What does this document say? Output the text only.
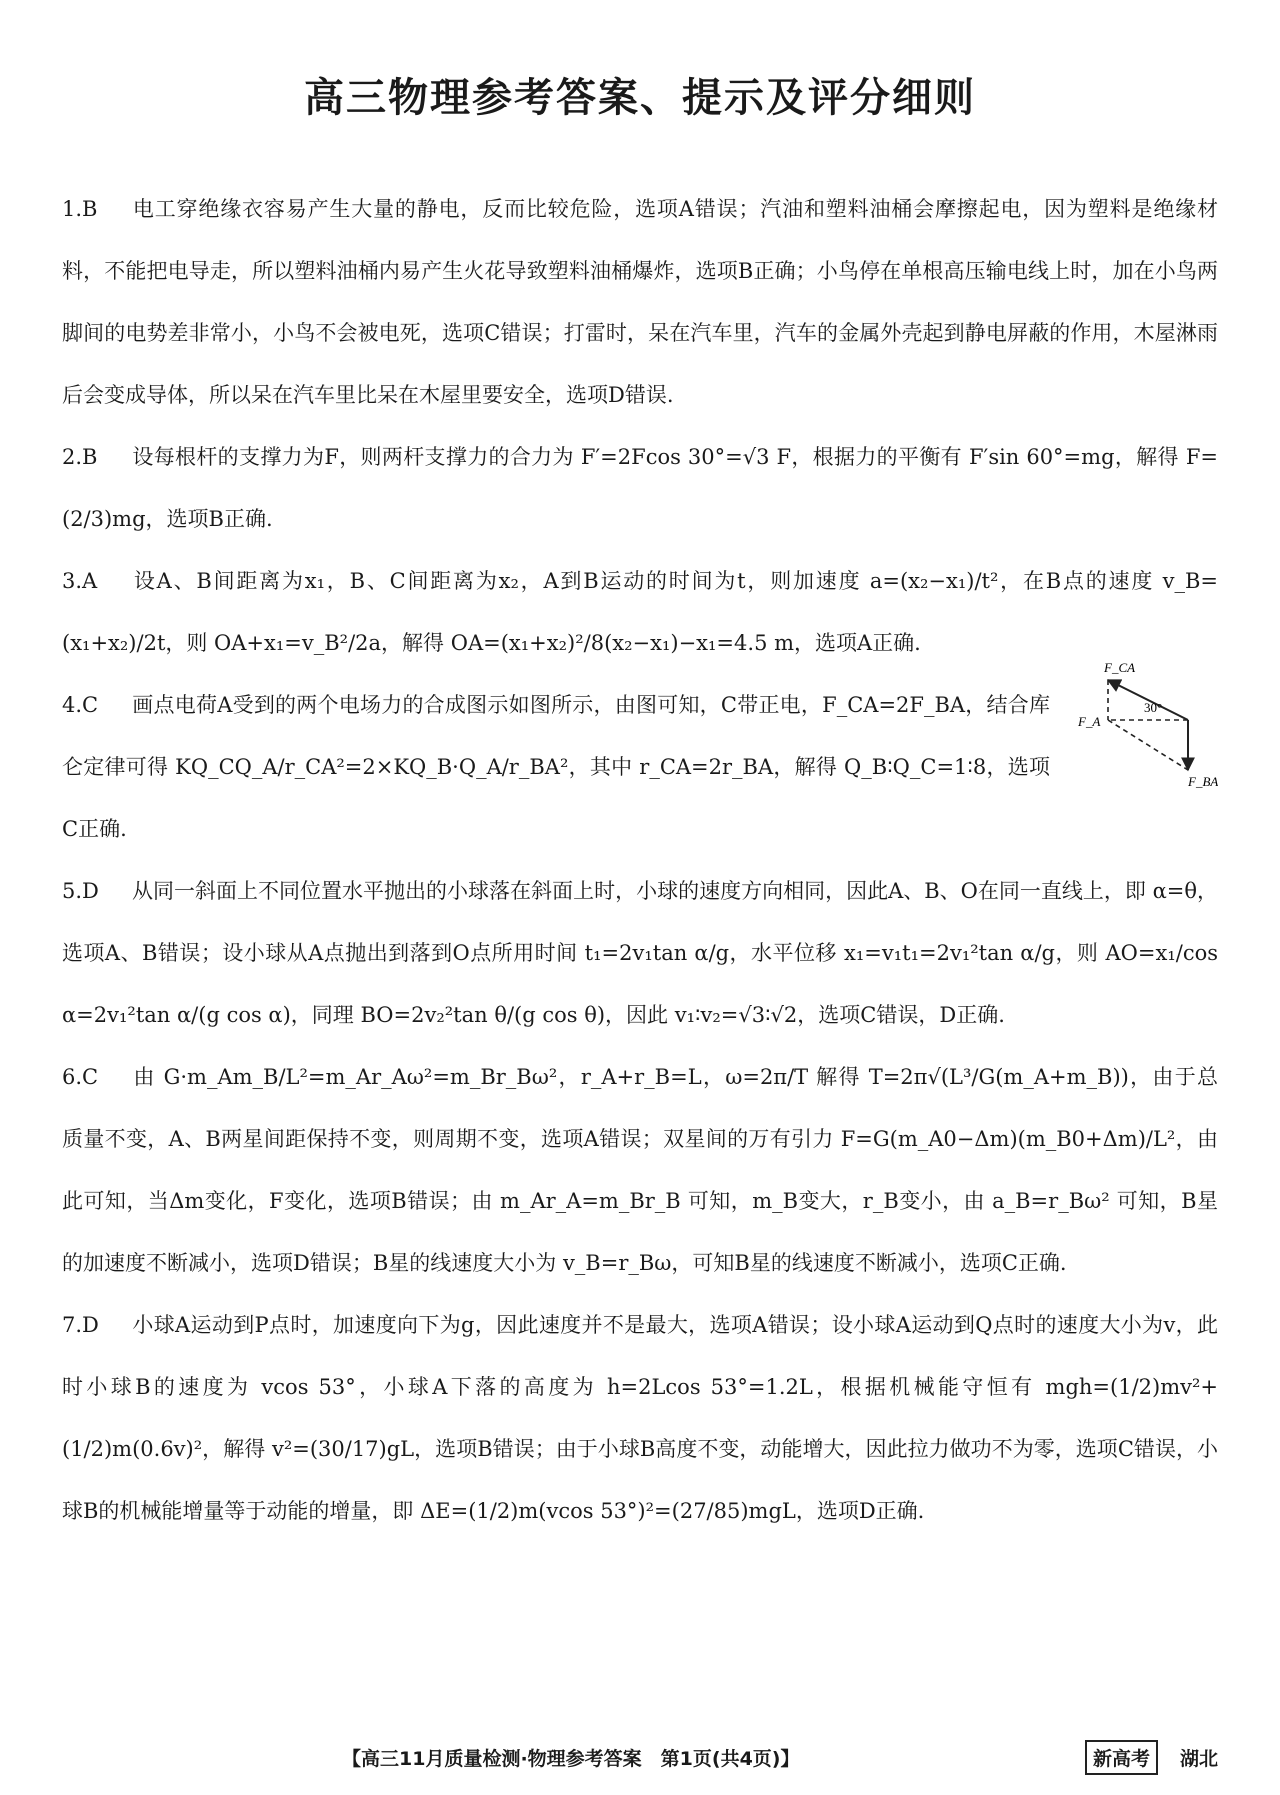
高三物理参考答案、提示及评分细则
1.B 电工穿绝缘衣容易产生大量的静电，反而比较危险，选项A错误；汽油和塑料油桶会摩擦起电，因为塑料是绝缘材料，不能把电导走，所以塑料油桶内易产生火花导致塑料油桶爆炸，选项B正确；小鸟停在单根高压输电线上时，加在小鸟两脚间的电势差非常小，小鸟不会被电死，选项C错误；打雷时，呆在汽车里，汽车的金属外壳起到静电屏蔽的作用，木屋淋雨后会变成导体，所以呆在汽车里比呆在木屋里要安全，选项D错误.
2.B 设每根杆的支撑力为F，则两杆支撑力的合力为 F′=2Fcos 30°=√3 F，根据力的平衡有 F′sin 60°=mg，解得 F=(2/3)mg，选项B正确.
3.A 设A、B间距离为x₁，B、C间距离为x₂，A到B运动的时间为t，则加速度 a=(x₂−x₁)/t²，在B点的速度 v_B=(x₁+x₂)/2t，则 OA+x₁=v_B²/2a，解得 OA=(x₁+x₂)²/8(x₂−x₁)−x₁=4.5 m，选项A正确.
F_CA
F_A
F_BA
30°
4.C 画点电荷A受到的两个电场力的合成图示如图所示，由图可知，C带正电，F_CA=2F_BA，结合库仑定律可得 KQ_CQ_A/r_CA²=2×KQ_B·Q_A/r_BA²，其中 r_CA=2r_BA，解得 Q_B∶Q_C=1∶8，选项C正确.
5.D 从同一斜面上不同位置水平抛出的小球落在斜面上时，小球的速度方向相同，因此A、B、O在同一直线上，即 α=θ，选项A、B错误；设小球从A点抛出到落到O点所用时间 t₁=2v₁tan α/g，水平位移 x₁=v₁t₁=2v₁²tan α/g，则 AO=x₁/cos α=2v₁²tan α/(g cos α)，同理 BO=2v₂²tan θ/(g cos θ)，因此 v₁∶v₂=√3∶√2，选项C错误，D正确.
6.C 由 G·m_Am_B/L²=m_Ar_Aω²=m_Br_Bω²，r_A+r_B=L，ω=2π/T 解得 T=2π√(L³/G(m_A+m_B))，由于总质量不变，A、B两星间距保持不变，则周期不变，选项A错误；双星间的万有引力 F=G(m_A0−Δm)(m_B0+Δm)/L²，由此可知，当Δm变化，F变化，选项B错误；由 m_Ar_A=m_Br_B 可知，m_B变大，r_B变小，由 a_B=r_Bω² 可知，B星的加速度不断减小，选项D错误；B星的线速度大小为 v_B=r_Bω，可知B星的线速度不断减小，选项C正确.
7.D 小球A运动到P点时，加速度向下为g，因此速度并不是最大，选项A错误；设小球A运动到Q点时的速度大小为v，此时小球B的速度为 vcos 53°，小球A下落的高度为 h=2Lcos 53°=1.2L，根据机械能守恒有 mgh=(1/2)mv²+(1/2)m(0.6v)²，解得 v²=(30/17)gL，选项B错误；由于小球B高度不变，动能增大，因此拉力做功不为零，选项C错误，小球B的机械能增量等于动能的增量，即 ΔE=(1/2)m(vcos 53°)²=(27/85)mgL，选项D正确.
【高三11月质量检测·物理参考答案　第1页(共4页)】	新高考	湖北
